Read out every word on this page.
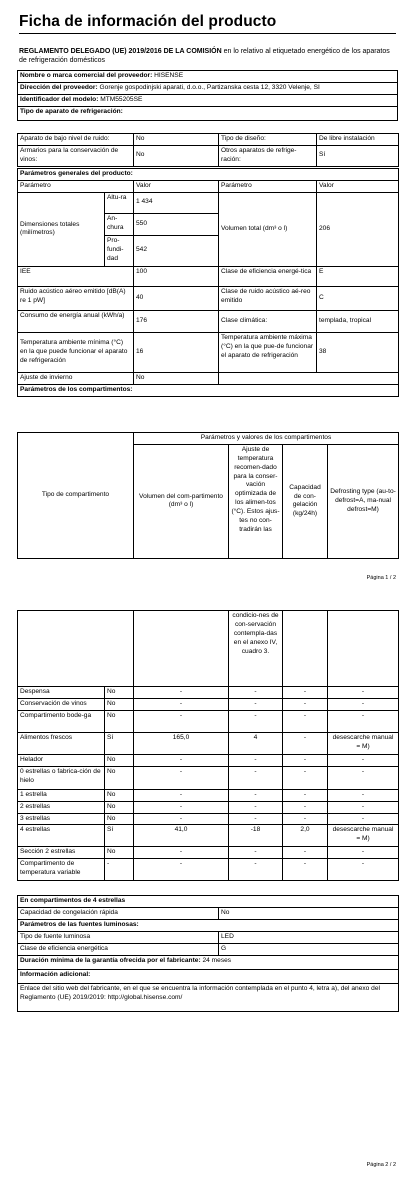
Ficha de información del producto
REGLAMENTO DELEGADO (UE) 2019/2016 DE LA COMISIÓN en lo relativo al etiquetado energético de los aparatos de refrigeración domésticos
Nombre o marca comercial del proveedor: HISENSE
Dirección del proveedor: Gorenje gospodinjski aparati, d.o.o., Partizanska cesta 12, 3320 Velenje, SI
Identificador del modelo: MTM55205SE
Tipo de aparato de refrigeración:
Aparato de bajo nivel de ruido:	No	Tipo de diseño:	De libre instalación
Armarios para la conservación de vinos:	No	Otros aparatos de refrige-ración:	Sí
Parámetros generales del producto:				
Parámetro		Valor	Parámetro	Valor
Dimensiones totales (milímetros)	Altu-ra	1 434	Volumen total (dm³ o l)	206
	An-chura	550		
	Pro-fundi-dad	542		
IEE		100	Clase de eficiencia energé-tica	E
Ruido acústico aéreo emitido [dB(A) re 1 pW]		40	Clase de ruido acústico aé-reo emitido	C
Consumo de energía anual (kWh/a)		176	Clase climática:	templada, tropical
Temperatura ambiente mínima (°C) en la que puede funcionar el aparato de refrigeración		16	Temperatura ambiente máxima (°C) en la que pue-de funcionar el aparato de refrigeración	38
Ajuste de invierno		No		
Parámetros de los compartimentos:				
Tipo de compartimento	Parámetros y valores de los compartimentos			
	Volumen del com-partimento (dm³ o l)	Ajuste de temperatura recomen-dado para la conser-vación optimizada de los alimen-tos (°C). Estos ajus-tes no con-tradirán las	Capacidad de con-gelación (kg/24h)	Defrosting type (au-to-defrost=A, ma-nual defrost=M)
Página 1 / 2
			condicio-nes de con-servación contempla-das en el anexo IV, cuadro 3.		
Despensa	No	-	-	-	-
Conservación de vinos	No	-	-	-	-
Compartimento bode-ga	No	-	-	-	-
Alimentos frescos	Sí	165,0	4	-	desescarche manual = M)
Helador	No	-	-	-	-
0 estrellas o fabrica-ción de hielo	No	-	-	-	-
1 estrella	No	-	-	-	-
2 estrellas	No	-	-	-	-
3 estrellas	No	-	-	-	-
4 estrellas	Sí	41,0	-18	2,0	desescarche manual = M)
Sección 2 estrellas	No	-	-	-	-
Compartimento de temperatura variable	-	-	-	-	-
En compartimentos de 4 estrellas	
Capacidad de congelación rápida	No
Parámetros de las fuentes luminosas:	
Tipo de fuente luminosa	LED
Clase de eficiencia energética	G
Duración mínima de la garantía ofrecida por el fabricante: 24 meses	
Información adicional:	
Enlace del sitio web del fabricante, en el que se encuentra la información contemplada en el punto 4, letra a), del anexo del Reglamento (UE) 2019/2019: http://global.hisense.com/	
Página 2 / 2
